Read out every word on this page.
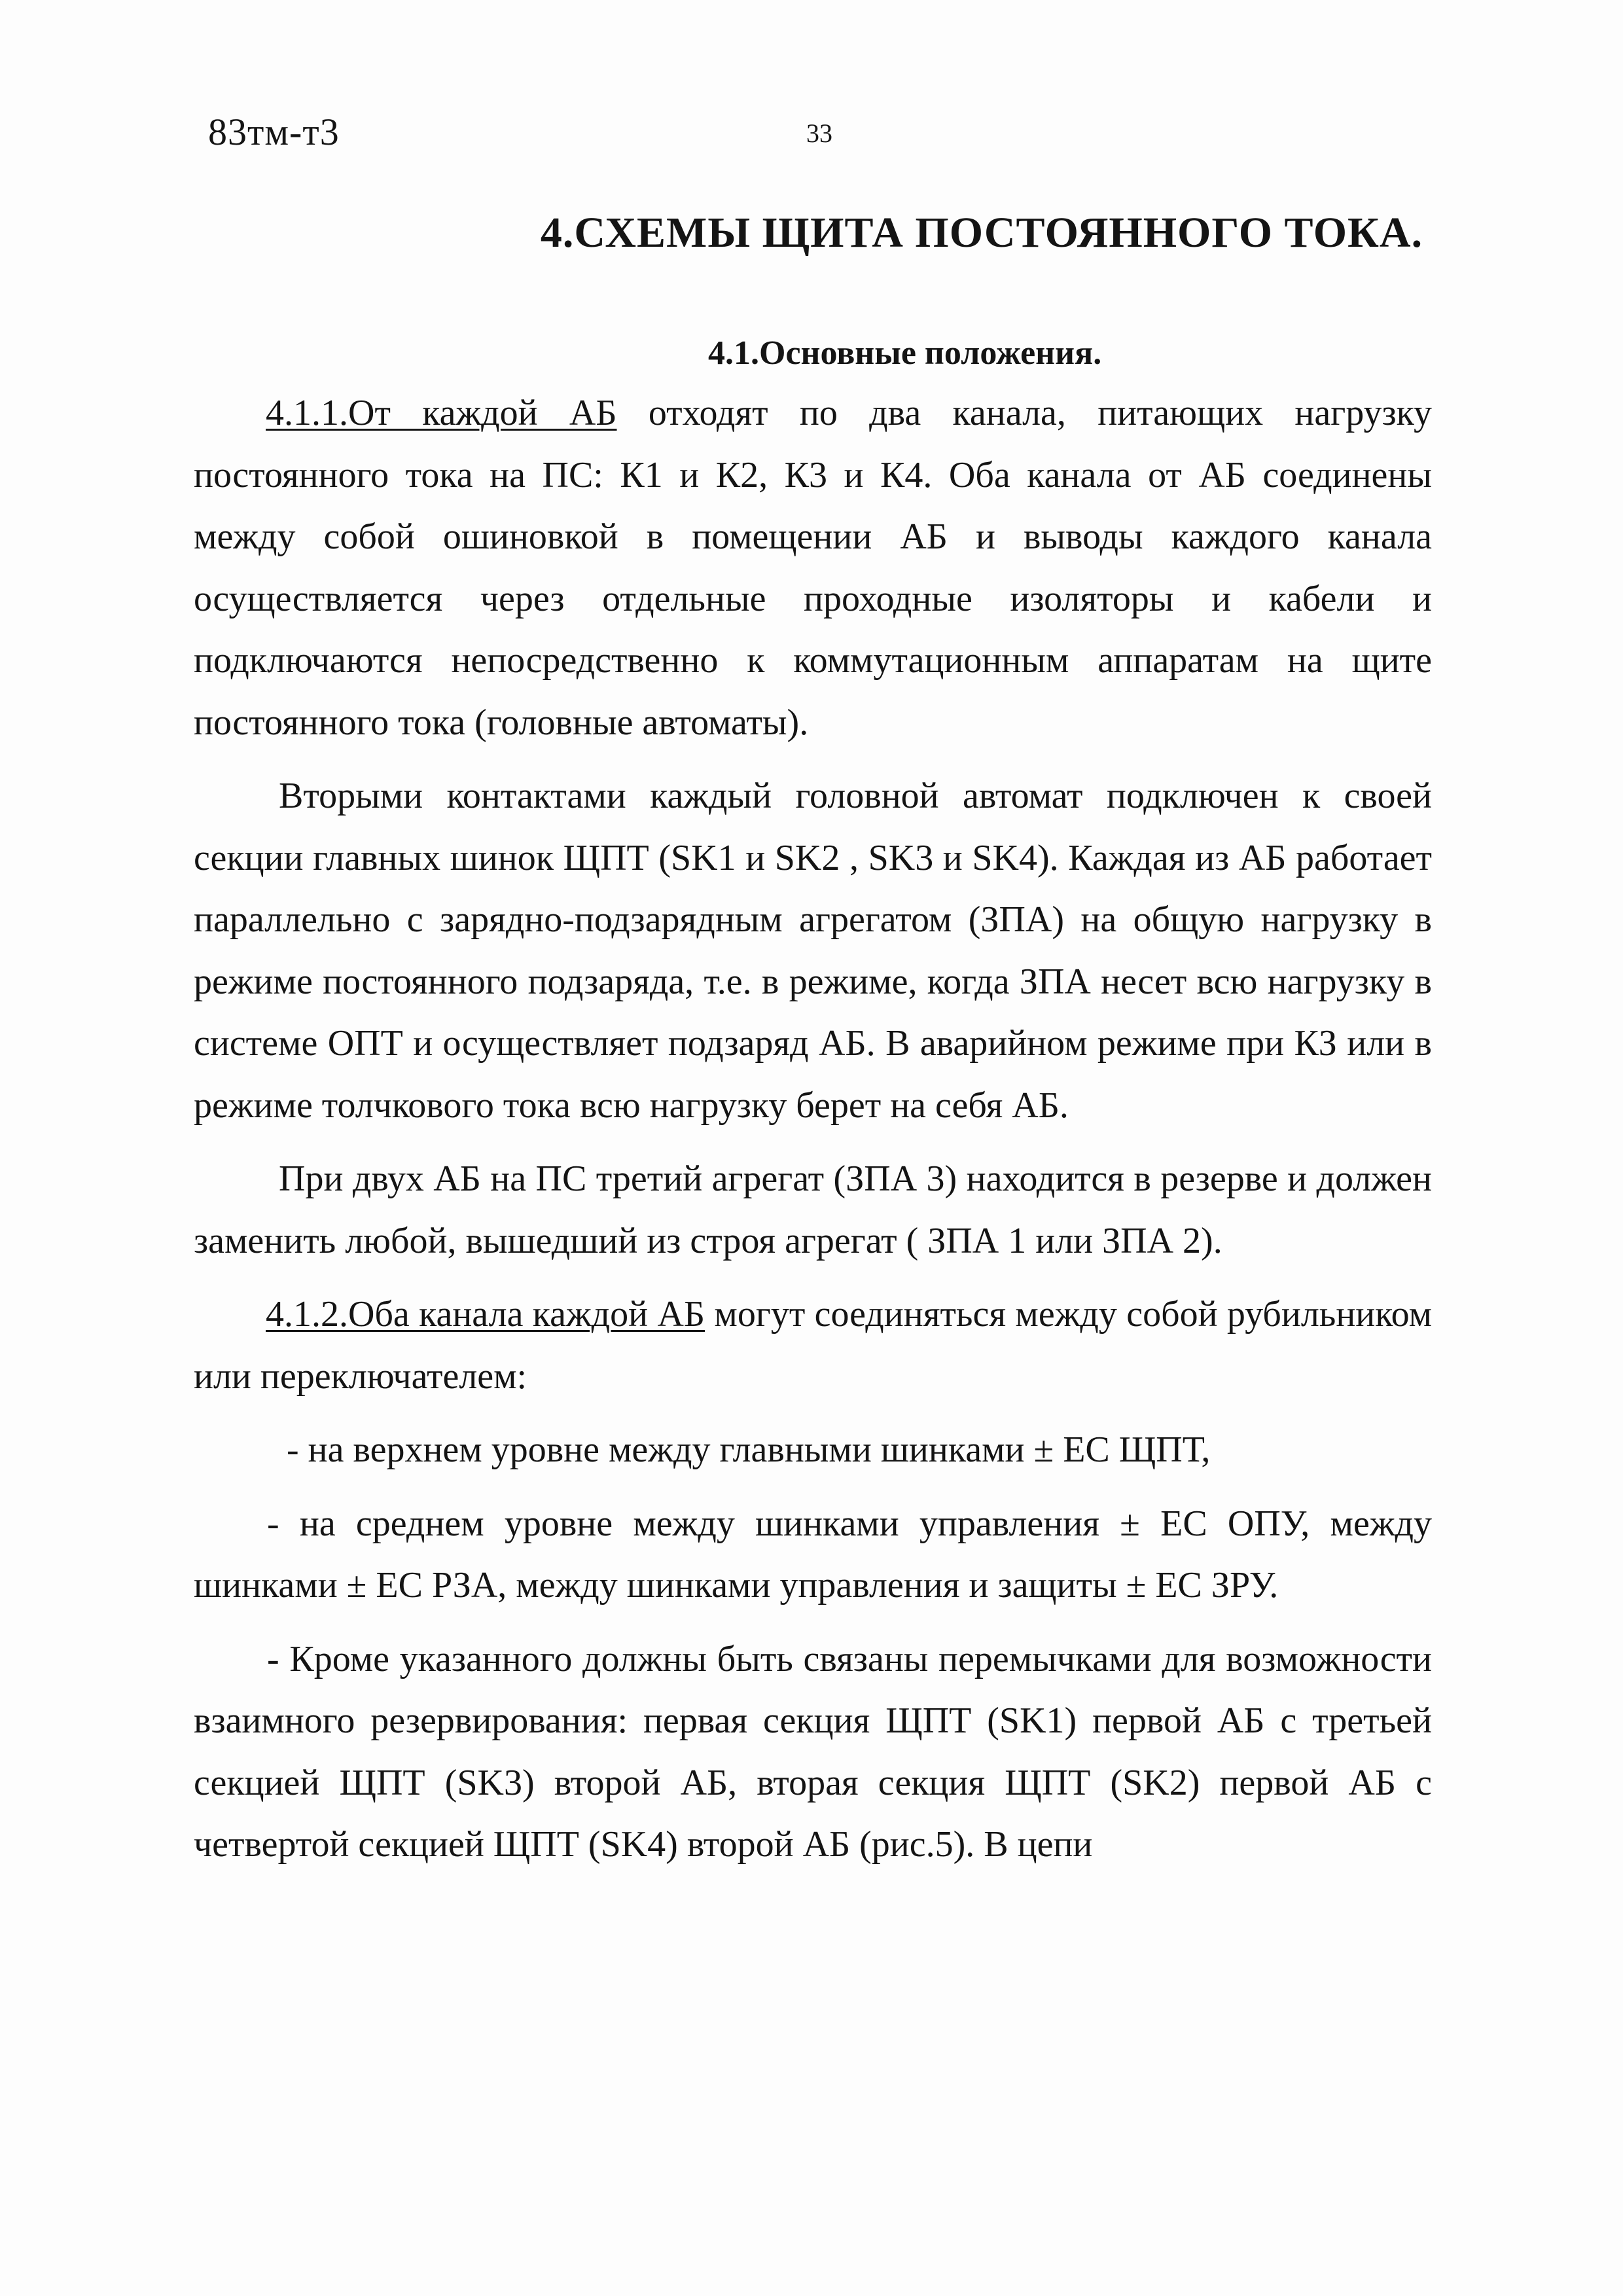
83тм-т3	33
4.СХЕМЫ ЩИТА ПОСТОЯННОГО ТОКА.
4.1.Основные положения.

4.1.1.От каждой АБ отходят по два канала, питающих нагрузку постоянного тока на ПС: К1 и К2, К3 и К4. Оба канала от АБ соединены между собой ошиновкой в помещении АБ и выводы каждого канала осуществляется через отдельные проходные изоляторы и кабели и подключаются непосредственно к коммутационным аппаратам на щите постоянного тока (головные автоматы).

Вторыми контактами каждый головной автомат подключен к своей секции главных шинок ЩПТ (SK1 и SK2 , SK3 и SK4). Каждая из АБ работает параллельно с зарядно-подзарядным агрегатом (ЗПА) на общую нагрузку в режиме постоянного подзаряда, т.е. в режиме, когда ЗПА несет всю нагрузку в системе ОПТ и осуществляет подзаряд АБ. В аварийном режиме при КЗ или в режиме толчкового тока всю нагрузку берет на себя АБ.

При двух АБ на ПС третий агрегат (ЗПА 3) находится в резерве и должен заменить любой, вышедший из строя агрегат ( ЗПА 1 или ЗПА 2).

4.1.2.Оба канала каждой АБ могут соединяться между собой рубильником или переключателем:

- на верхнем уровне между главными шинками ± ЕС ЩПТ,

- на среднем уровне между шинками управления ± ЕС ОПУ, между шинками ± ЕС РЗА, между шинками управления и защиты ± ЕС ЗРУ.

- Кроме указанного должны быть связаны перемычками для возможности взаимного резервирования: первая секция ЩПТ (SK1) первой АБ с третьей секцией ЩПТ (SK3) второй АБ, вторая секция ЩПТ (SK2) первой АБ с четвертой секцией ЩПТ (SK4) второй АБ (рис.5). В цепи
